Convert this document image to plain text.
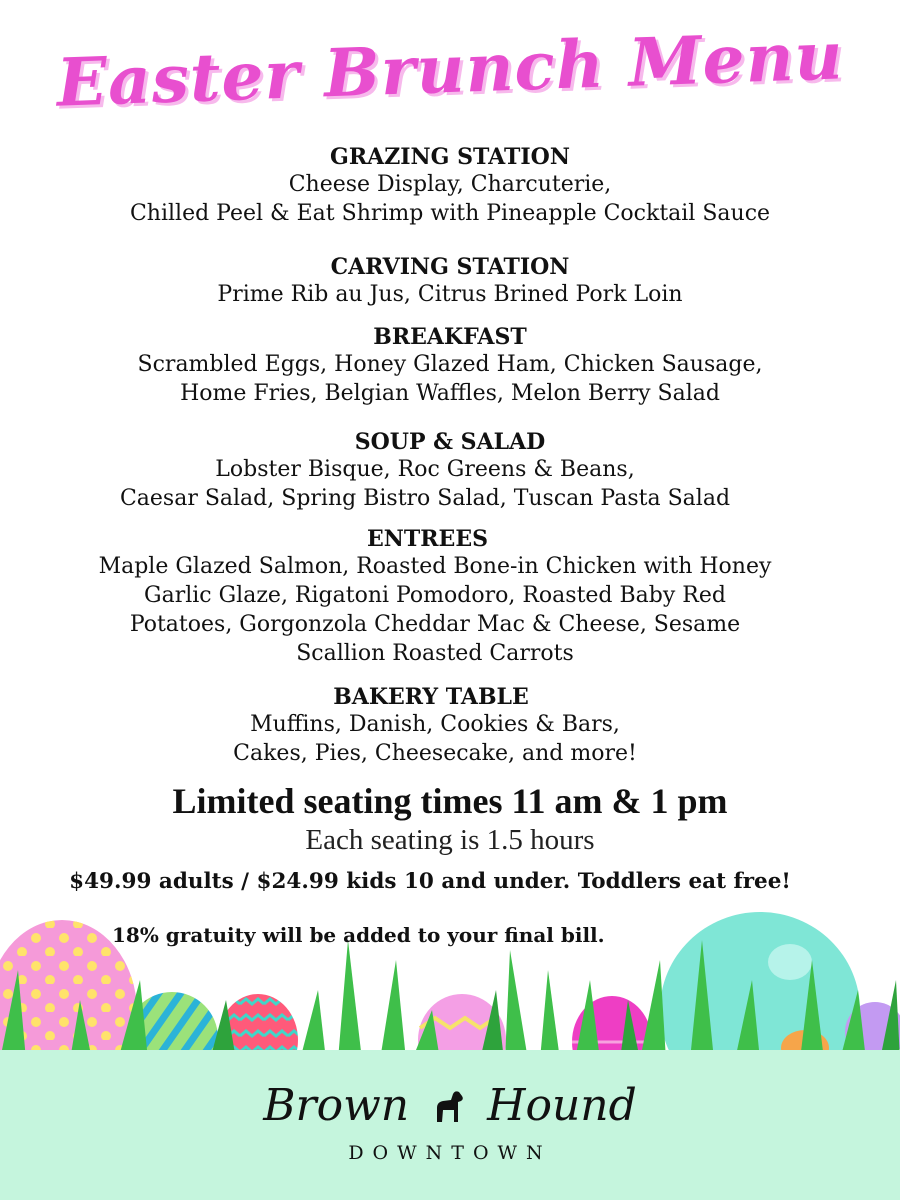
Easter Brunch Menu
GRAZING STATION
Cheese Display, Charcuterie,
Chilled Peel & Eat Shrimp with Pineapple Cocktail Sauce
CARVING STATION
Prime Rib au Jus, Citrus Brined Pork Loin
BREAKFAST
Scrambled Eggs, Honey Glazed Ham, Chicken Sausage,
Home Fries, Belgian Waffles, Melon Berry Salad
SOUP & SALAD
Lobster Bisque, Roc Greens & Beans,
Caesar Salad, Spring Bistro Salad, Tuscan Pasta Salad
ENTREES
Maple Glazed Salmon, Roasted Bone-in Chicken with Honey
Garlic Glaze, Rigatoni Pomodoro, Roasted Baby Red
Potatoes, Gorgonzola Cheddar Mac & Cheese, Sesame
Scallion Roasted Carrots
BAKERY TABLE
Muffins, Danish, Cookies & Bars,
Cakes, Pies, Cheesecake, and more!
Limited seating times 11 am & 1 pm
Each seating is 1.5 hours
$49.99 adults / $24.99 kids 10 and under. Toddlers eat free!
18% gratuity will be added to your final bill.
Brown Hound
DOWNTOWN
